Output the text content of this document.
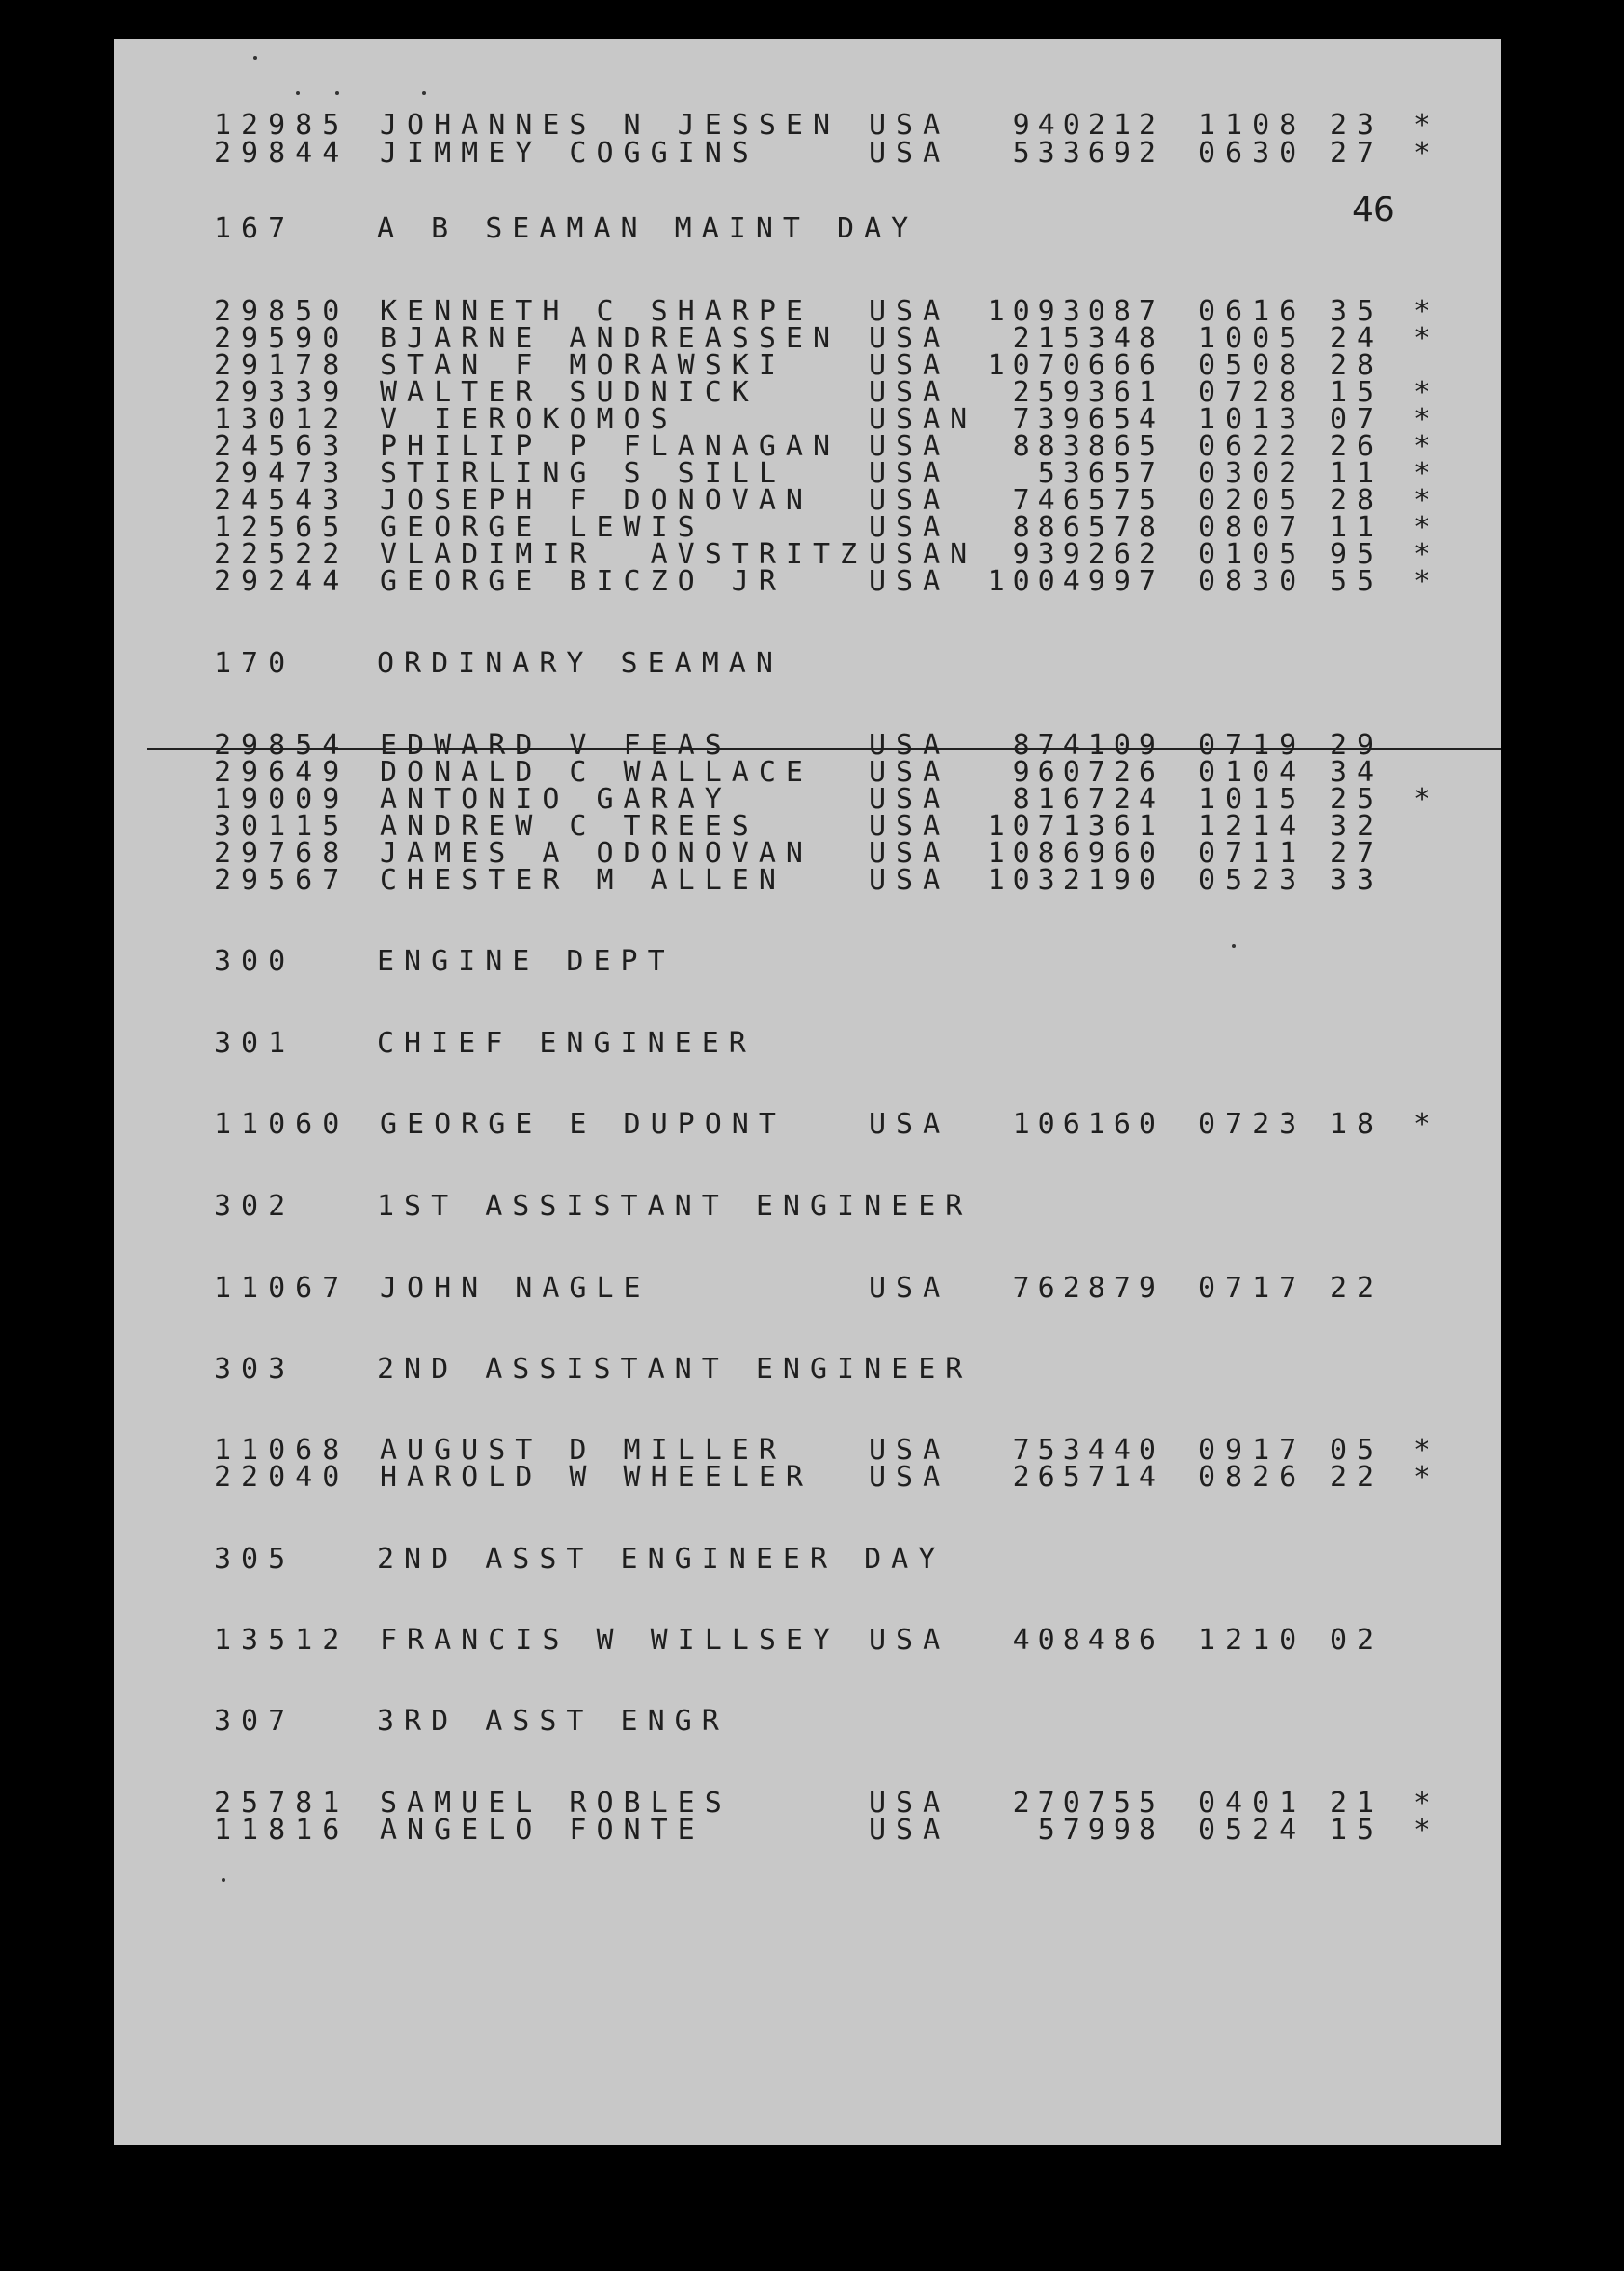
46
12985 JOHANNES N JESSEN USA 940212 1108 23 *
29844 JIMMEY COGGINS	USA 533692 0630 27 *
167	A B SEAMAN MAINT DAY
29850 KENNETH C SHARPE USA 1093087 0616 35 *
29590 BJARNE ANDREASSEN USA 215348 1005 24 *
29178 STAN F MORAWSKI	USA 1070666 0508 28
29339 WALTER SUDNICK	USA 259361 0728 15 *
13012 V IEROKOMOS	USAN 739654 1013 07 *
24563 PHILIP P FLANAGAN USA 883865 0622 26 *
29473 STIRLING S SILL	USA	53657 0302 11 *
24543 JOSEPH F DONOVAN USA 746575 0205 28 *
12565 GEORGE LEWIS	USA 886578 0807 11 *
22522 VLADIMIR  AVSTRITZ USAN 939262 0105 95 *
29244 GEORGE BICZO JR	USA 1004997 0830 55 *
170	ORDINARY SEAMAN
29854 EDWARD V FEAS	USA 874109 0719 29
29649 DONALD C WALLACE USA 960726 0104 34
19009 ANTONIO GARAY	USA 816724 1015 25 *
30115 ANDREW C TREES	USA 1071361 1214 32
29768 JAMES A ODONOVAN USA 1086960 0711 27
29567 CHESTER M ALLEN	USA 1032190 0523 33
300	ENGINE DEPT
301	CHIEF ENGINEER
11060 GEORGE E DUPONT	USA 106160 0723 18 *
302	1ST ASSISTANT ENGINEER
11067 JOHN NAGLE	USA 762879 0717 22
303	2ND ASSISTANT ENGINEER
11068 AUGUST D MILLER	USA 753440 0917 05 *
22040 HAROLD W WHEELER USA 265714 0826 22 *
305	2ND ASST ENGINEER DAY
13512 FRANCIS W WILLSEY USA 408486 1210 02
307	3RD ASST ENGR
25781 SAMUEL ROBLES	USA 270755 0401 21 *
11816 ANGELO FONTE	USA	57998 0524 15 *
